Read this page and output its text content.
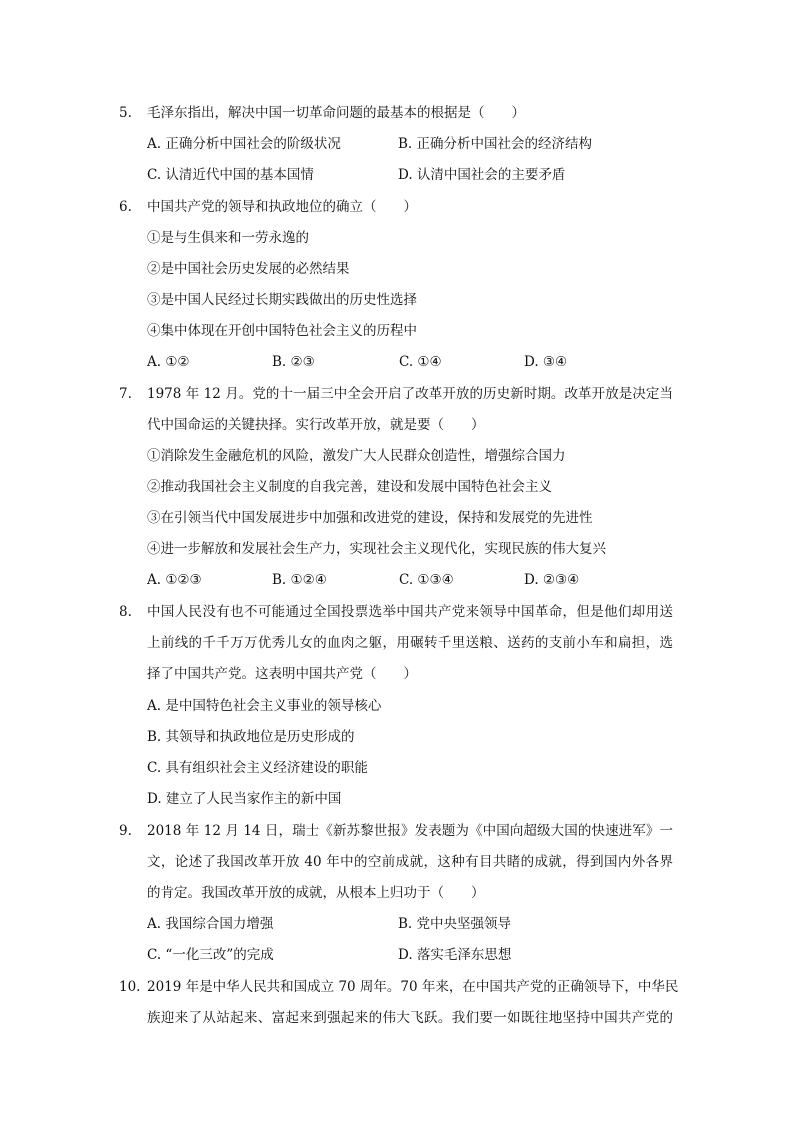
5. 毛泽东指出，解决中国一切革命问题的最基本的根据是（　　）
A. 正确分析中国社会的阶级状况	B. 正确分析中国社会的经济结构
C. 认清近代中国的基本国情	D. 认清中国社会的主要矛盾
6. 中国共产党的领导和执政地位的确立（　　）
①是与生俱来和一劳永逸的
②是中国社会历史发展的必然结果
③是中国人民经过长期实践做出的历史性选择
④集中体现在开创中国特色社会主义的历程中
A. ①②	B. ②③	C. ①④	D. ③④
7. 1978 年 12 月。党的十一届三中全会开启了改革开放的历史新时期。改革开放是决定当
代中国命运的关键抉择。实行改革开放，就是要（　　）
①消除发生金融危机的风险，激发广大人民群众创造性，增强综合国力
②推动我国社会主义制度的自我完善，建设和发展中国特色社会主义
③在引领当代中国发展进步中加强和改进党的建设，保持和发展党的先进性
④进一步解放和发展社会生产力，实现社会主义现代化，实现民族的伟大复兴
A. ①②③	B. ①②④	C. ①③④	D. ②③④
8. 中国人民没有也不可能通过全国投票选举中国共产党来领导中国革命，但是他们却用送
上前线的千千万万优秀儿女的血肉之躯，用碾转千里送粮、送药的支前小车和扁担，选
择了中国共产党。这表明中国共产党（　　）
A. 是中国特色社会主义事业的领导核心
B. 其领导和执政地位是历史形成的
C. 具有组织社会主义经济建设的职能
D. 建立了人民当家作主的新中国
9. 2018 年 12 月 14 日，瑞士《新苏黎世报》发表题为《中国向超级大国的快速进军》一
文，论述了我国改革开放 40 年中的空前成就，这种有目共睹的成就，得到国内外各界
的肯定。我国改革开放的成就，从根本上归功于（　　）
A. 我国综合国力增强	B. 党中央坚强领导
C. “一化三改”的完成	D. 落实毛泽东思想
10. 2019 年是中华人民共和国成立 70 周年。70 年来，在中国共产党的正确领导下，中华民
族迎来了从站起来、富起来到强起来的伟大飞跃。我们要一如既往地坚持中国共产党的
